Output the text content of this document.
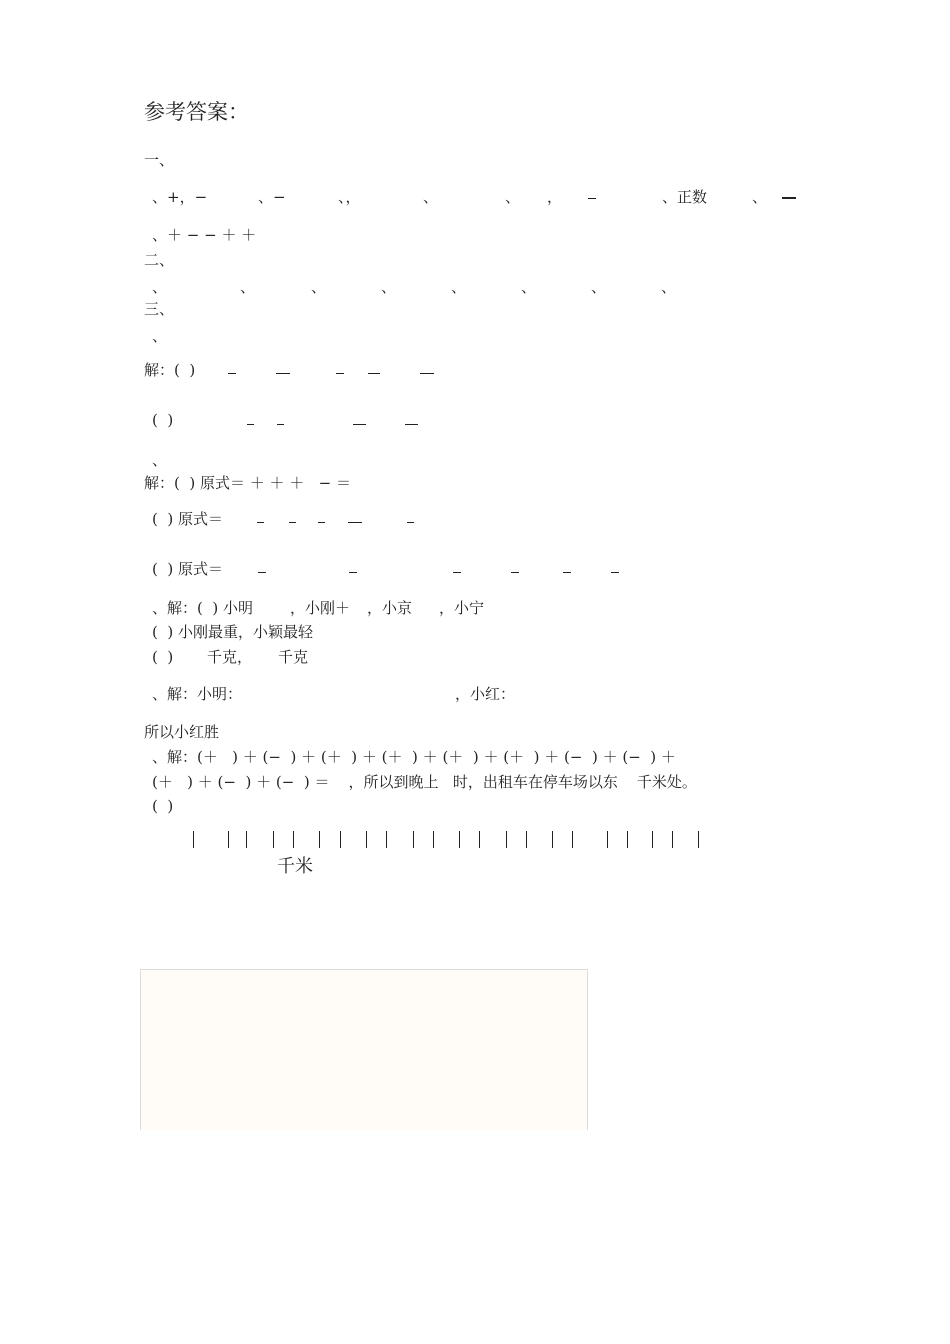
参考答案：
一、
、+，−	、−	、，	、	、 ，	、正数	、
、＋ − − ＋ ＋
二、
、	、	、	、	、	、	、	、
三、
、
解：(  )
(  )
、
解：(  ) 原式＝ ＋ ＋ ＋   − ＝
(  ) 原式＝
(  ) 原式＝
、解：(  ) 小明 ，小刚＋ ，小京 ，小宁
(  ) 小刚最重，小颖最轻
(  ) 千克， 千克
、解：小明：	，小红：
所以小红胜
、解：(＋   ) ＋ (−  ) ＋ (＋  ) ＋ (＋  ) ＋ (＋  ) ＋ (＋  ) ＋ (−  ) ＋ (−  ) ＋
(＋   ) ＋ (−  ) ＋ (−  ) ＝    ，所以到晚上   时，出租车在停车场以东    千米处。
(  )
千米
